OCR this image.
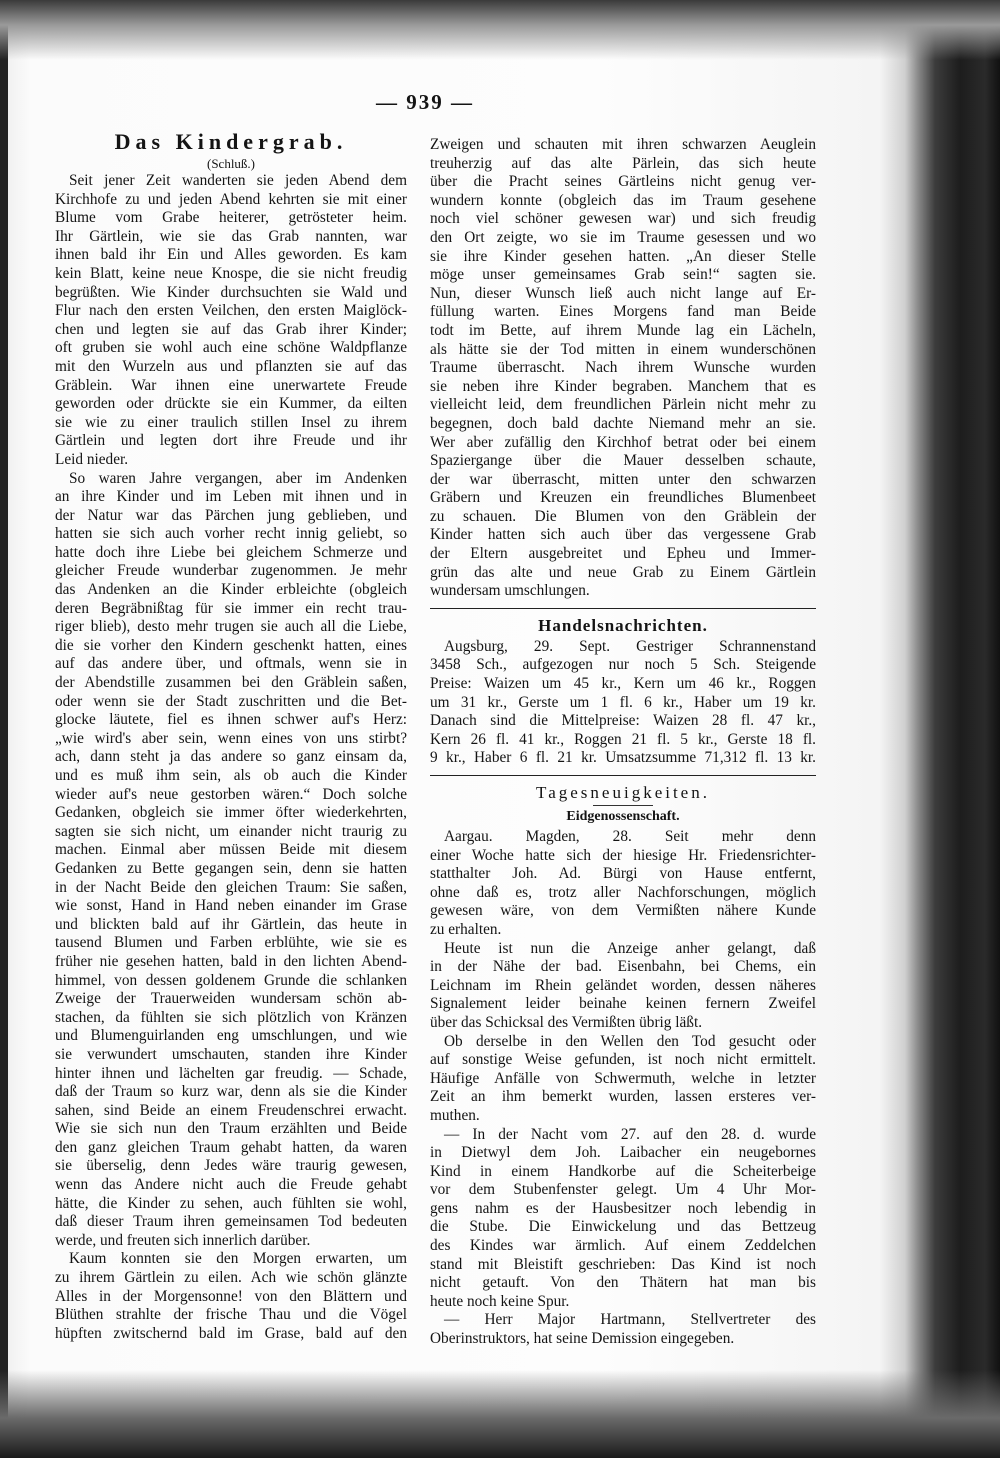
— 939 —
Das Kindergrab.
(Schluß.)
Seit jener Zeit wanderten sie jeden Abend dem
Kirchhofe zu und jeden Abend kehrten sie mit einer
Blume vom Grabe heiterer, getrösteter heim.
Ihr Gärtlein, wie sie das Grab nannten, war
ihnen bald ihr Ein und Alles geworden. Es kam
kein Blatt, keine neue Knospe, die sie nicht freudig
begrüßten. Wie Kinder durchsuchten sie Wald und
Flur nach den ersten Veilchen, den ersten Maiglöck-
chen und legten sie auf das Grab ihrer Kinder;
oft gruben sie wohl auch eine schöne Waldpflanze
mit den Wurzeln aus und pflanzten sie auf das
Gräblein. War ihnen eine unerwartete Freude
geworden oder drückte sie ein Kummer, da eilten
sie wie zu einer traulich stillen Insel zu ihrem
Gärtlein und legten dort ihre Freude und ihr
Leid nieder.
So waren Jahre vergangen, aber im Andenken
an ihre Kinder und im Leben mit ihnen und in
der Natur war das Pärchen jung geblieben, und
hatten sie sich auch vorher recht innig geliebt, so
hatte doch ihre Liebe bei gleichem Schmerze und
gleicher Freude wunderbar zugenommen. Je mehr
das Andenken an die Kinder erbleichte (obgleich
deren Begräbnißtag für sie immer ein recht trau-
riger blieb), desto mehr trugen sie auch all die Liebe,
die sie vorher den Kindern geschenkt hatten, eines
auf das andere über, und oftmals, wenn sie in
der Abendstille zusammen bei den Gräblein saßen,
oder wenn sie der Stadt zuschritten und die Bet-
glocke läutete, fiel es ihnen schwer auf's Herz:
„wie wird's aber sein, wenn eines von uns stirbt?
ach, dann steht ja das andere so ganz einsam da,
und es muß ihm sein, als ob auch die Kinder
wieder auf's neue gestorben wären.“ Doch solche
Gedanken, obgleich sie immer öfter wiederkehrten,
sagten sie sich nicht, um einander nicht traurig zu
machen. Einmal aber müssen Beide mit diesem
Gedanken zu Bette gegangen sein, denn sie hatten
in der Nacht Beide den gleichen Traum: Sie saßen,
wie sonst, Hand in Hand neben einander im Grase
und blickten bald auf ihr Gärtlein, das heute in
tausend Blumen und Farben erblühte, wie sie es
früher nie gesehen hatten, bald in den lichten Abend-
himmel, von dessen goldenem Grunde die schlanken
Zweige der Trauerweiden wundersam schön ab-
stachen, da fühlten sie sich plötzlich von Kränzen
und Blumenguirlanden eng umschlungen, und wie
sie verwundert umschauten, standen ihre Kinder
hinter ihnen und lächelten gar freudig. — Schade,
daß der Traum so kurz war, denn als sie die Kinder
sahen, sind Beide an einem Freudenschrei erwacht.
Wie sie sich nun den Traum erzählten und Beide
den ganz gleichen Traum gehabt hatten, da waren
sie überselig, denn Jedes wäre traurig gewesen,
wenn das Andere nicht auch die Freude gehabt
hätte, die Kinder zu sehen, auch fühlten sie wohl,
daß dieser Traum ihren gemeinsamen Tod bedeuten
werde, und freuten sich innerlich darüber.
Kaum konnten sie den Morgen erwarten, um
zu ihrem Gärtlein zu eilen. Ach wie schön glänzte
Alles in der Morgensonne! von den Blättern und
Blüthen strahlte der frische Thau und die Vögel
hüpften zwitschernd bald im Grase, bald auf den
Zweigen und schauten mit ihren schwarzen Aeuglein
treuherzig auf das alte Pärlein, das sich heute
über die Pracht seines Gärtleins nicht genug ver-
wundern konnte (obgleich das im Traum gesehene
noch viel schöner gewesen war) und sich freudig
den Ort zeigte, wo sie im Traume gesessen und wo
sie ihre Kinder gesehen hatten. „An dieser Stelle
möge unser gemeinsames Grab sein!“ sagten sie.
Nun, dieser Wunsch ließ auch nicht lange auf Er-
füllung warten. Eines Morgens fand man Beide
todt im Bette, auf ihrem Munde lag ein Lächeln,
als hätte sie der Tod mitten in einem wunderschönen
Traume überrascht. Nach ihrem Wunsche wurden
sie neben ihre Kinder begraben. Manchem that es
vielleicht leid, dem freundlichen Pärlein nicht mehr zu
begegnen, doch bald dachte Niemand mehr an sie.
Wer aber zufällig den Kirchhof betrat oder bei einem
Spaziergange über die Mauer desselben schaute,
der war überrascht, mitten unter den schwarzen
Gräbern und Kreuzen ein freundliches Blumenbeet
zu schauen. Die Blumen von den Gräblein der
Kinder hatten sich auch über das vergessene Grab
der Eltern ausgebreitet und Epheu und Immer-
grün das alte und neue Grab zu Einem Gärtlein
wundersam umschlungen.
Handelsnachrichten.
Augsburg, 29. Sept. Gestriger Schrannenstand
3458 Sch., aufgezogen nur noch 5 Sch. Steigende
Preise: Waizen um 45 kr., Kern um 46 kr., Roggen
um 31 kr., Gerste um 1 fl. 6 kr., Haber um 19 kr.
Danach sind die Mittelpreise: Waizen 28 fl. 47 kr.,
Kern 26 fl. 41 kr., Roggen 21 fl. 5 kr., Gerste 18 fl.
9 kr., Haber 6 fl. 21 kr. Umsatzsumme 71,312 fl. 13 kr.
Tagesneuigkeiten.
Eidgenossenschaft.
Aargau. Magden, 28. Seit mehr denn
einer Woche hatte sich der hiesige Hr. Friedensrichter-
statthalter Joh. Ad. Bürgi von Hause entfernt,
ohne daß es, trotz aller Nachforschungen, möglich
gewesen wäre, von dem Vermißten nähere Kunde
zu erhalten.
Heute ist nun die Anzeige anher gelangt, daß
in der Nähe der bad. Eisenbahn, bei Chems, ein
Leichnam im Rhein geländet worden, dessen näheres
Signalement leider beinahe keinen fernern Zweifel
über das Schicksal des Vermißten übrig läßt.
Ob derselbe in den Wellen den Tod gesucht oder
auf sonstige Weise gefunden, ist noch nicht ermittelt.
Häufige Anfälle von Schwermuth, welche in letzter
Zeit an ihm bemerkt wurden, lassen ersteres ver-
muthen.
— In der Nacht vom 27. auf den 28. d. wurde
in Dietwyl dem Joh. Laibacher ein neugebornes
Kind in einem Handkorbe auf die Scheiterbeige
vor dem Stubenfenster gelegt. Um 4 Uhr Mor-
gens nahm es der Hausbesitzer noch lebendig in
die Stube. Die Einwickelung und das Bettzeug
des Kindes war ärmlich. Auf einem Zeddelchen
stand mit Bleistift geschrieben: Das Kind ist noch
nicht getauft. Von den Thätern hat man bis
heute noch keine Spur.
— Herr Major Hartmann, Stellvertreter des
Oberinstruktors, hat seine Demission eingegeben.
